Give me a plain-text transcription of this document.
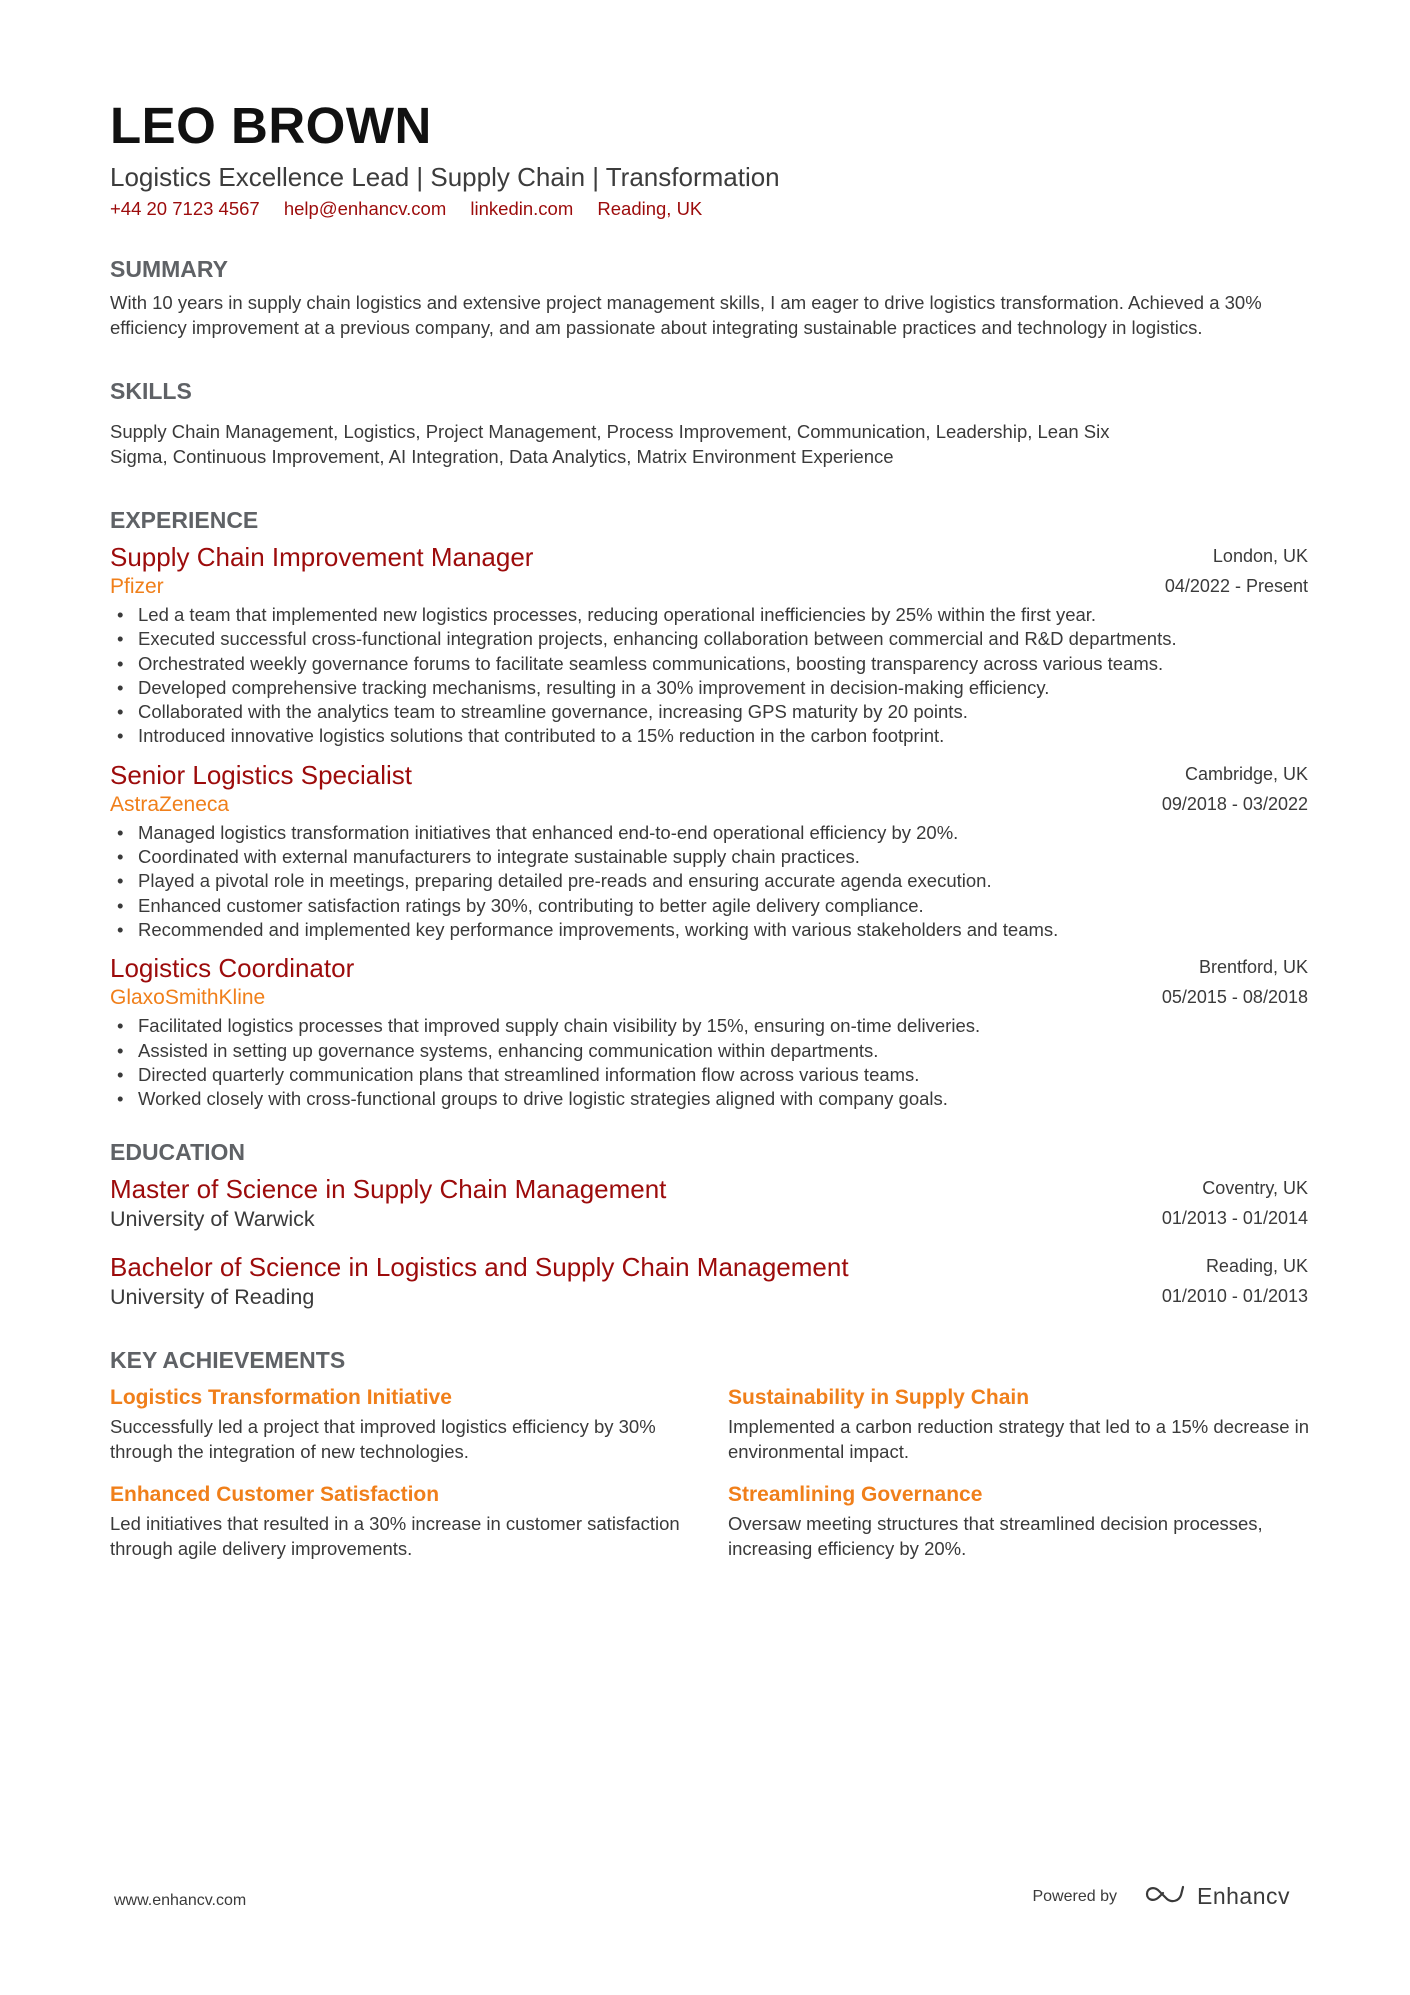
LEO BROWN
Logistics Excellence Lead | Supply Chain | Transformation
+44 20 7123 4567 help@enhancv.com linkedin.com Reading, UK
SUMMARY
With 10 years in supply chain logistics and extensive project management skills, I am eager to drive logistics transformation. Achieved a 30% efficiency improvement at a previous company, and am passionate about integrating sustainable practices and technology in logistics.
SKILLS
Supply Chain Management, Logistics, Project Management, Process Improvement, Communication, Leadership, Lean Six Sigma, Continuous Improvement, AI Integration, Data Analytics, Matrix Environment Experience
EXPERIENCE
Supply Chain Improvement Manager
Pfizer
London, UK
04/2022 - Present
• Led a team that implemented new logistics processes, reducing operational inefficiencies by 25% within the first year.
• Executed successful cross-functional integration projects, enhancing collaboration between commercial and R&D departments.
• Orchestrated weekly governance forums to facilitate seamless communications, boosting transparency across various teams.
• Developed comprehensive tracking mechanisms, resulting in a 30% improvement in decision-making efficiency.
• Collaborated with the analytics team to streamline governance, increasing GPS maturity by 20 points.
• Introduced innovative logistics solutions that contributed to a 15% reduction in the carbon footprint.
Senior Logistics Specialist
AstraZeneca
Cambridge, UK
09/2018 - 03/2022
• Managed logistics transformation initiatives that enhanced end-to-end operational efficiency by 20%.
• Coordinated with external manufacturers to integrate sustainable supply chain practices.
• Played a pivotal role in meetings, preparing detailed pre-reads and ensuring accurate agenda execution.
• Enhanced customer satisfaction ratings by 30%, contributing to better agile delivery compliance.
• Recommended and implemented key performance improvements, working with various stakeholders and teams.
Logistics Coordinator
GlaxoSmithKline
Brentford, UK
05/2015 - 08/2018
• Facilitated logistics processes that improved supply chain visibility by 15%, ensuring on-time deliveries.
• Assisted in setting up governance systems, enhancing communication within departments.
• Directed quarterly communication plans that streamlined information flow across various teams.
• Worked closely with cross-functional groups to drive logistic strategies aligned with company goals.
EDUCATION
Master of Science in Supply Chain Management
University of Warwick
Coventry, UK
01/2013 - 01/2014
Bachelor of Science in Logistics and Supply Chain Management
University of Reading
Reading, UK
01/2010 - 01/2013
KEY ACHIEVEMENTS
Logistics Transformation Initiative
Successfully led a project that improved logistics efficiency by 30% through the integration of new technologies.
Sustainability in Supply Chain
Implemented a carbon reduction strategy that led to a 15% decrease in environmental impact.
Enhanced Customer Satisfaction
Led initiatives that resulted in a 30% increase in customer satisfaction through agile delivery improvements.
Streamlining Governance
Oversaw meeting structures that streamlined decision processes, increasing efficiency by 20%.
www.enhancv.com	Powered by	Enhancv
